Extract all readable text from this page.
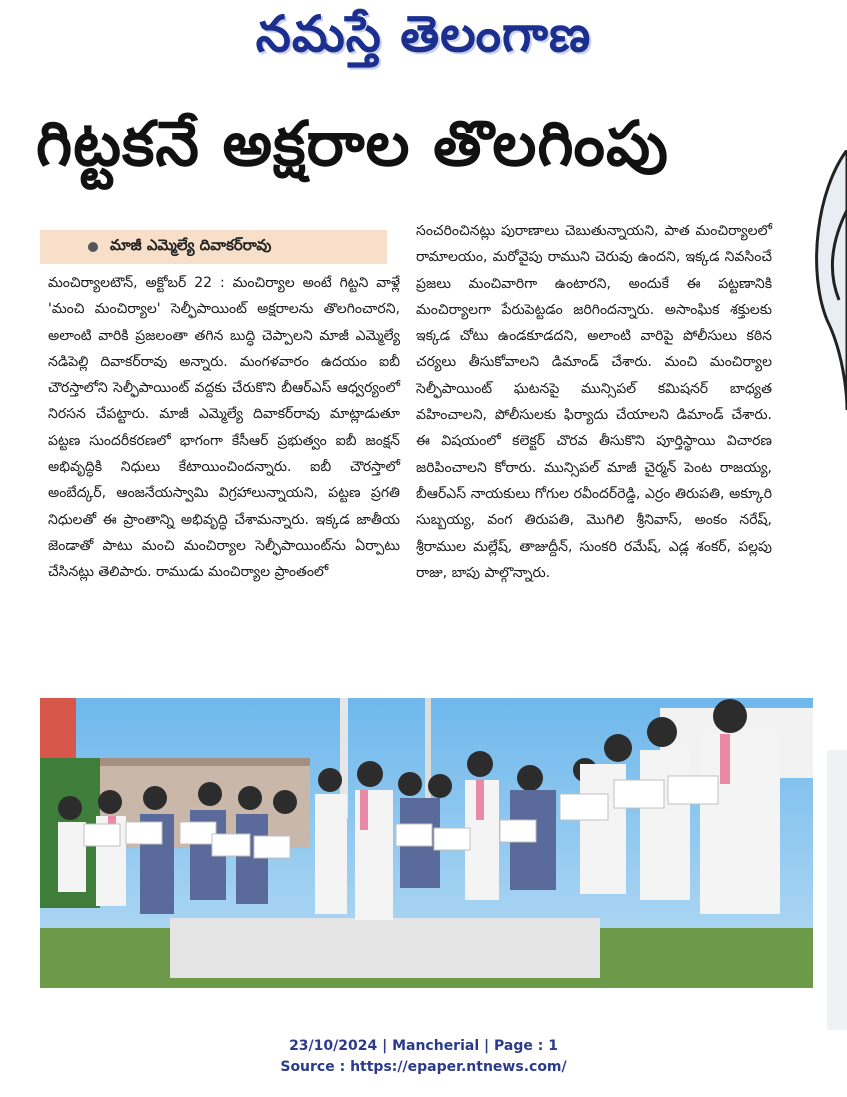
నమస్తే తెలంగాణ
గిట్టకనే అక్షరాల తొలగింపు
మాజీ ఎమ్మెల్యే దివాకర్‌రావు

మంచిర్యాలటౌన్, అక్టోబర్ 22 : మంచిర్యాల అంటే గిట్టని వాళ్లే 'మంచి మంచిర్యాల' సెల్ఫీపాయింట్ అక్షరాలను తొలగించారని, అలాంటి వారికి ప్రజలంతా తగిన బుద్ధి చెప్పాలని మాజీ ఎమ్మెల్యే నడిపెల్లి దివాకర్‌రావు అన్నారు. మంగళవారం ఉదయం ఐబీ చౌరస్తాలోని సెల్ఫీపాయింట్ వద్దకు చేరుకొని బీఆర్‌ఎస్ ఆధ్వర్యంలో నిరసన చేపట్టారు. మాజీ ఎమ్మెల్యే దివాకర్‌రావు మాట్లాడుతూ పట్టణ సుందరీకరణలో భాగంగా కేసీఆర్ ప్రభుత్వం ఐబీ జంక్షన్ అభివృద్ధికి నిధులు కేటాయించిందన్నారు. ఐబీ చౌరస్తాలో అంబేద్కర్, ఆంజనేయస్వామి విగ్రహాలున్నాయని, పట్టణ ప్రగతి నిధులతో ఈ ప్రాంతాన్ని అభివృద్ధి చేశామన్నారు. ఇక్కడ జాతీయ జెండాతో పాటు మంచి మంచిర్యాల సెల్ఫీపాయింట్‌ను ఏర్పాటు చేసినట్లు తెలిపారు. రాముడు మంచిర్యాల ప్రాంతంలో

సంచరించినట్లు పురాణాలు చెబుతున్నాయని, పాత మంచిర్యాలలో రామాలయం, మరోవైపు రాముని చెరువు ఉందని, ఇక్కడ నివసించే ప్రజలు మంచివారిగా ఉంటారని, అందుకే ఈ పట్టణానికి మంచిర్యాలగా పేరుపెట్టడం జరిగిందన్నారు. అసాంఘిక శక్తులకు ఇక్కడ చోటు ఉండకూడదని, అలాంటి వారిపై పోలీసులు కఠిన చర్యలు తీసుకోవాలని డిమాండ్ చేశారు. మంచి మంచిర్యాల సెల్ఫీపాయింట్ ఘటనపై మున్సిపల్ కమిషనర్ బాధ్యత వహించాలని, పోలీసులకు ఫిర్యాదు చేయాలని డిమాండ్ చేశారు. ఈ విషయంలో కలెక్టర్ చొరవ తీసుకొని పూర్తిస్థాయి విచారణ జరిపించాలని కోరారు. మున్సిపల్ మాజీ చైర్మన్ పెంట రాజయ్య, బీఆర్‌ఎస్ నాయకులు గోగుల రవీందర్‌రెడ్డి, ఎర్రం తిరుపతి, అక్కూరి సుబ్బయ్య, వంగ తిరుపతి, మొగిలి శ్రీనివాస్, అంకం నరేష్, శ్రీరాముల మల్లేష్, తాజుద్దీన్, సుంకరి రమేష్, ఎడ్ల శంకర్, పల్లపు రాజు, బాపు పాల్గొన్నారు.

23/10/2024 | Mancherial | Page : 1
Source : https://epaper.ntnews.com/
